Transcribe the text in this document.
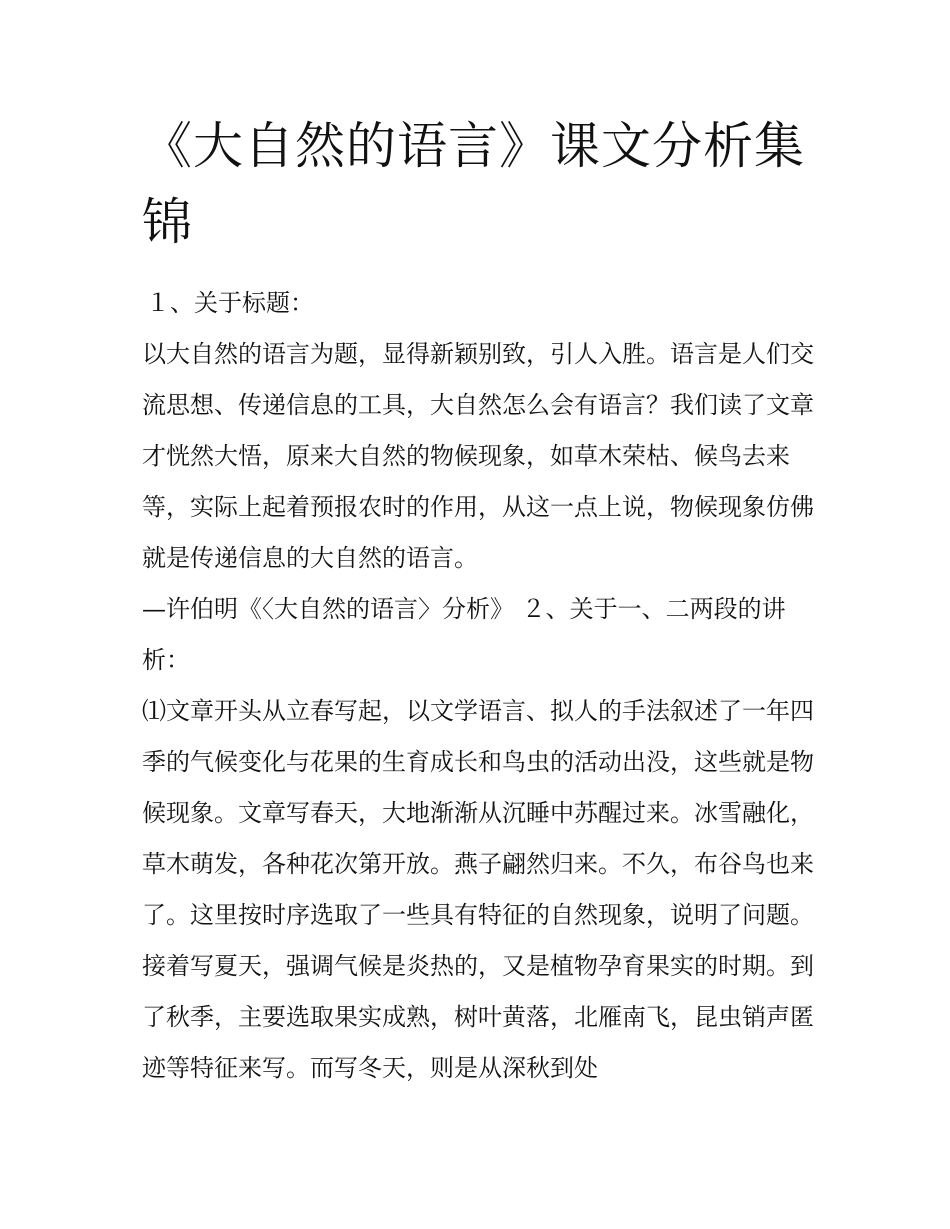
《大自然的语言》课文分析集锦

１、关于标题：

以大自然的语言为题，显得新颖别致，引人入胜。语言是人们交流思想、传递信息的工具，大自然怎么会有语言？我们读了文章才恍然大悟，原来大自然的物候现象，如草木荣枯、候鸟去来等，实际上起着预报农时的作用，从这一点上说，物候现象仿佛就是传递信息的大自然的语言。

—许伯明《〈大自然的语言〉分析》 ２、关于一、二两段的讲析：

⑴文章开头从立春写起，以文学语言、拟人的手法叙述了一年四季的气候变化与花果的生育成长和鸟虫的活动出没，这些就是物候现象。文章写春天，大地渐渐从沉睡中苏醒过来。冰雪融化，草木萌发，各种花次第开放。燕子翩然归来。不久，布谷鸟也来了。这里按时序选取了一些具有特征的自然现象，说明了问题。接着写夏天，强调气候是炎热的，又是植物孕育果实的时期。到了秋季，主要选取果实成熟，树叶黄落，北雁南飞，昆虫销声匿迹等特征来写。而写冬天，则是从深秋到处
